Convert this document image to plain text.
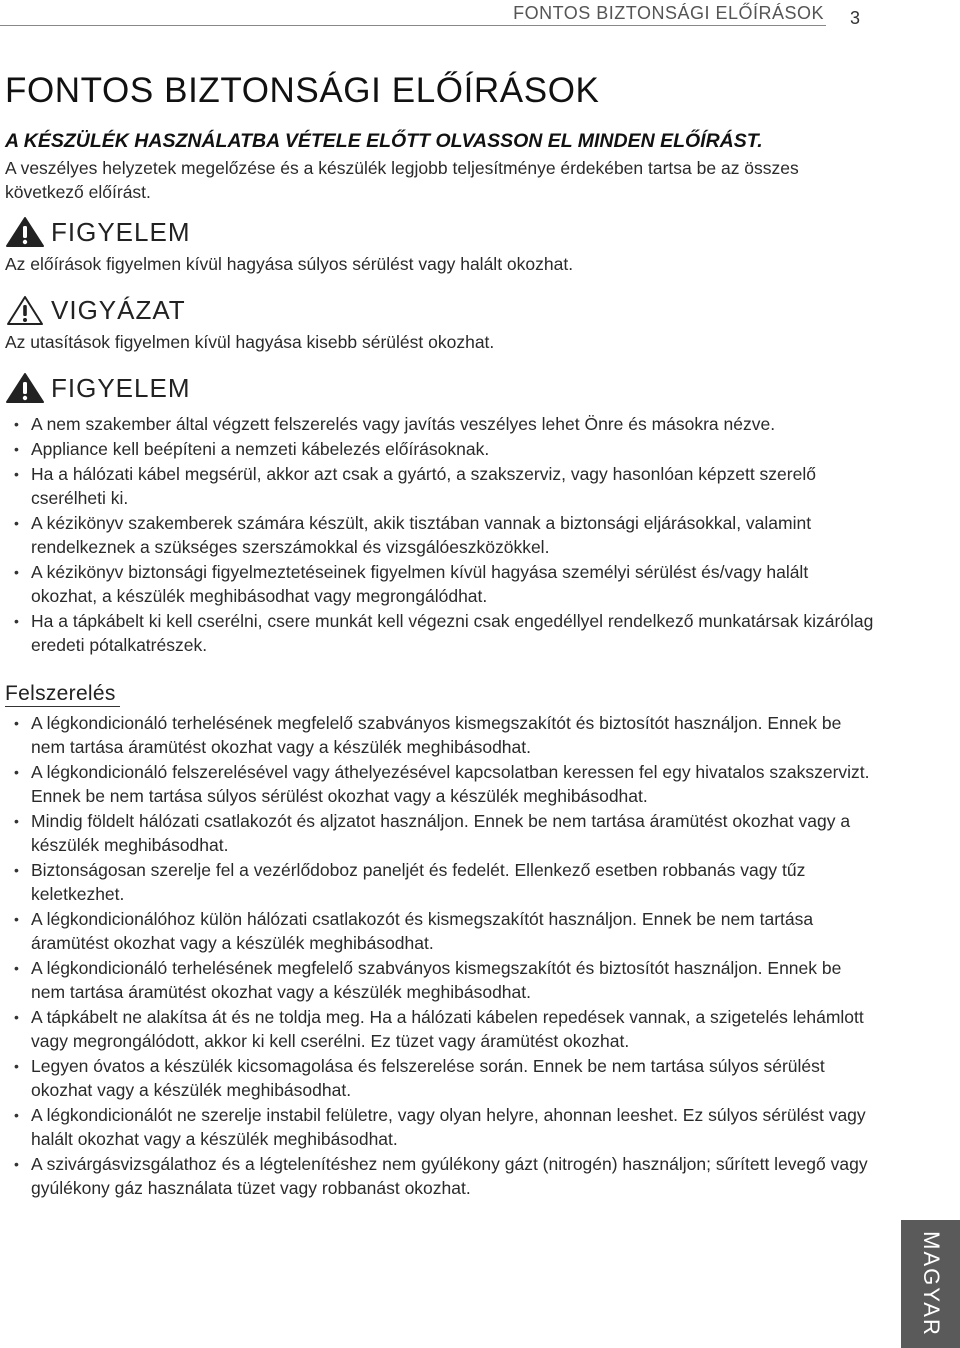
FONTOS BIZTONSÁGI ELŐÍRÁSOK 3
FONTOS BIZTONSÁGI ELŐÍRÁSOK
A KÉSZÜLÉK HASZNÁLATBA VÉTELE ELŐTT OLVASSON EL MINDEN ELŐÍRÁST.
A veszélyes helyzetek megelőzése és a készülék legjobb teljesítménye érdekében tartsa be az összes következő előírást.
FIGYELEM
Az előírások figyelmen kívül hagyása súlyos sérülést vagy halált okozhat.
VIGYÁZAT
Az utasítások figyelmen kívül hagyása kisebb sérülést okozhat.
FIGYELEM
• A nem szakember által végzett felszerelés vagy javítás veszélyes lehet Önre és másokra nézve.
• Appliance kell beépíteni a nemzeti kábelezés előírásoknak.
• Ha a hálózati kábel megsérül, akkor azt csak a gyártó, a szakszerviz, vagy hasonlóan képzett szerelő cserélheti ki.
• A kézikönyv szakemberek számára készült, akik tisztában vannak a biztonsági eljárásokkal, valamint rendelkeznek a szükséges szerszámokkal és vizsgálóeszközökkel.
• A kézikönyv biztonsági figyelmeztetéseinek figyelmen kívül hagyása személyi sérülést és/vagy halált okozhat, a készülék meghibásodhat vagy megrongálódhat.
• Ha a tápkábelt ki kell cserélni, csere munkát kell végezni csak engedéllyel rendelkező munkatársak kizárólag eredeti pótalkatrészek.
Felszerelés
• A légkondicionáló terhelésének megfelelő szabványos kismegszakítót és biztosítót használjon. Ennek be nem tartása áramütést okozhat vagy a készülék meghibásodhat.
• A légkondicionáló felszerelésével vagy áthelyezésével kapcsolatban keressen fel egy hivatalos szakszervizt. Ennek be nem tartása súlyos sérülést okozhat vagy a készülék meghibásodhat.
• Mindig földelt hálózati csatlakozót és aljzatot használjon. Ennek be nem tartása áramütést okozhat vagy a készülék meghibásodhat.
• Biztonságosan szerelje fel a vezérlődoboz paneljét és fedelét. Ellenkező esetben robbanás vagy tűz keletkezhet.
• A légkondicionálóhoz külön hálózati csatlakozót és kismegszakítót használjon. Ennek be nem tartása áramütést okozhat vagy a készülék meghibásodhat.
• A légkondicionáló terhelésének megfelelő szabványos kismegszakítót és biztosítót használjon. Ennek be nem tartása áramütést okozhat vagy a készülék meghibásodhat.
• A tápkábelt ne alakítsa át és ne toldja meg. Ha a hálózati kábelen repedések vannak, a szigetelés lehámlott vagy megrongálódott, akkor ki kell cserélni. Ez tüzet vagy áramütést okozhat.
• Legyen óvatos a készülék kicsomagolása és felszerelése során. Ennek be nem tartása súlyos sérülést okozhat vagy a készülék meghibásodhat.
• A légkondicionálót ne szerelje instabil felületre, vagy olyan helyre, ahonnan leeshet. Ez súlyos sérülést vagy halált okozhat vagy a készülék meghibásodhat.
• A szivárgásvizsgálathoz és a légtelenítéshez nem gyúlékony gázt (nitrogén) használjon; sűrített levegő vagy gyúlékony gáz használata tüzet vagy robbanást okozhat.
MAGYAR
